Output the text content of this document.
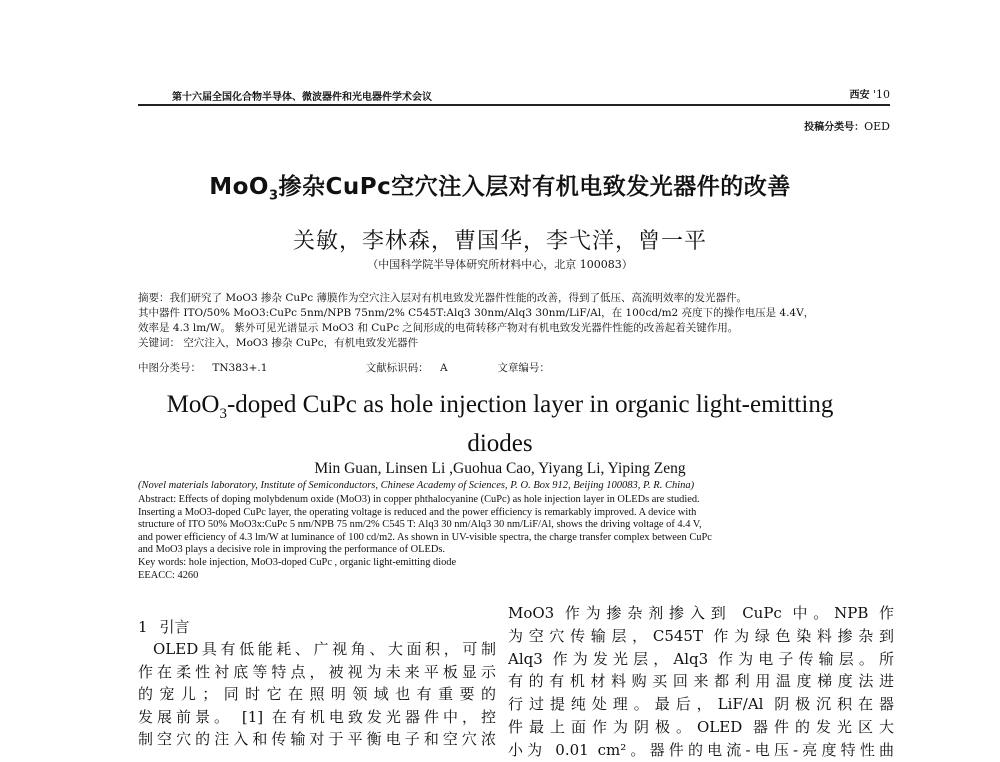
第十六届全国化合物半导体、微波器件和光电器件学术会议	西安 '10
投稿分类号：OED
MoO$_3$掺杂CuPc空穴注入层对有机电致发光器件的改善
关敏，李林森，曹国华，李弋洋，曾一平
（中国科学院半导体研究所材料中心，北京 100083）

摘要：我们研究了 MoO3 掺杂 CuPc 薄膜作为空穴注入层对有机电致发光器件性能的改善，得到了低压、高流明效率的发光器件。

其中器件 ITO/50% MoO3:CuPc 5nm/NPB 75nm/2% C545T:Alq3 30nm/Alq3 30nm/LiF/Al，在 100cd/m2 亮度下的操作电压是 4.4V，

效率是 4.3 lm/W。 紫外可见光谱显示 MoO3 和 CuPc 之间形成的电荷转移产物对有机电致发光器件性能的改善起着关键作用。

关键词： 空穴注入，MoO3 掺杂 CuPc，有机电致发光器件

中图分类号： TN383+.1	文献标识码： A	文章编号：
MoO$_3$-doped CuPc as hole injection layer in organic light-emitting
diodes
Min Guan, Linsen Li ,Guohua Cao, Yiyang Li, Yiping Zeng
(Novel materials laboratory, Institute of Semiconductors, Chinese Academy of Sciences, P. O. Box 912, Beijing 100083, P. R. China)

Abstract: Effects of doping molybdenum oxide (MoO3) in copper phthalocyanine (CuPc) as hole injection layer in OLEDs are studied.

Inserting a MoO3-doped CuPc layer, the operating voltage is reduced and the power efficiency is remarkably improved. A device with

structure of ITO 50% MoO3x:CuPc 5 nm/NPB 75 nm/2% C545 T: Alq3 30 nm/Alq3 30 nm/LiF/Al, shows the driving voltage of 4.4 V,

and power efficiency of 4.3 lm/W at luminance of 100 cd/m2. As shown in UV-visible spectra, the charge transfer complex between CuPc

and MoO3 plays a decisive role in improving the performance of OLEDs.

Key words: hole injection, MoO3-doped CuPc , organic light-emitting diode

EEACC: 4260

1 引言

OLED具有低能耗、广视角、大面积，可制

作在柔性衬底等特点，被视为未来平板显示

的宠儿；同时它在照明领域也有重要的

发展前景。 [1] 在有机电致发光器件中，控

制空穴的注入和传输对于平衡电子和空穴浓

MoO3 作为掺杂剂掺入到 CuPc 中。NPB 作

为空穴传输层，C545T 作为绿色染料掺杂到

Alq3 作为发光层，Alq3 作为电子传输层。所

有的有机材料购买回来都利用温度梯度法进

行过提纯处理。最后，LiF/Al 阴极沉积在器

件最上面作为阴极。OLED 器件的发光区大

小为 0.01 cm²。器件的电流-电压-亮度特性曲
